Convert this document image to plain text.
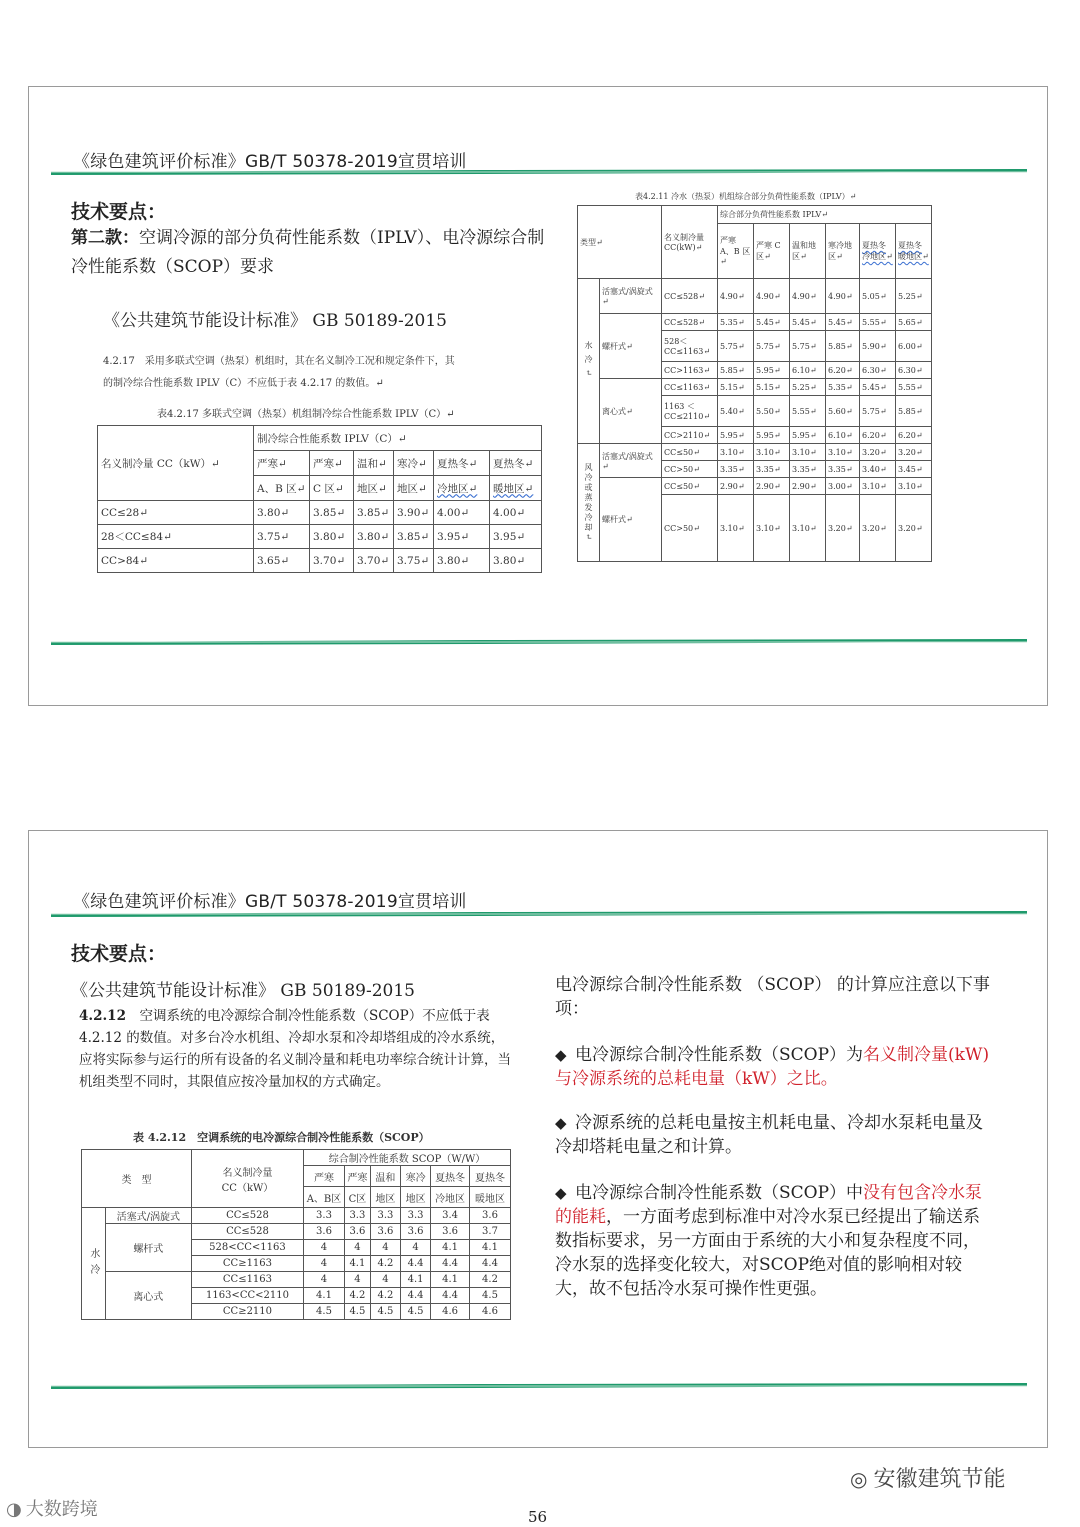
《绿色建筑评价标准》GB/T 50378-2019宣贯培训
技术要点：
第二款：空调冷源的部分负荷性能系数（IPLV）、电冷源综合制冷性能系数（SCOP）要求
《公共建筑节能设计标准》 GB 50189-2015
4.2.17　采用多联式空调（热泵）机组时，其在名义制冷工况和规定条件下，其
的制冷综合性能系数 IPLV（C）不应低于表 4.2.17 的数值。↵
表4.2.17 多联式空调（热泵）机组制冷综合性能系数 IPLV（C）↵
名义制冷量 CC（kW）↵	制冷综合性能系数 IPLV（C）↵					
	严寒↵	严寒↵	温和↵	寒冷↵	夏热冬↵	夏热冬↵
	A、B 区↵	C 区↵	地区↵	地区↵	冷地区↵	暖地区↵
CC≤28↵	3.80↵	3.85↵	3.85↵	3.90↵	4.00↵	4.00↵
28＜CC≤84↵	3.75↵	3.80↵	3.80↵	3.85↵	3.95↵	3.95↵
CC>84↵	3.65↵	3.70↵	3.70↵	3.75↵	3.80↵	3.80↵
表4.2.11 冷水（热泵）机组综合部分负荷性能系数（IPLV）↵
类型↵		名义制冷量 CC(kW)↵	综合部分负荷性能系数 IPLV↵					
			严寒 A、B 区↵	严寒 C 区↵	温和地区↵	寒冷地区↵	夏热冬冷地区↵	夏热冬暖地区↵
水冷↵	活塞式/涡旋式↵	CC≤528↵	4.90↵	4.90↵	4.90↵	4.90↵	5.05↵	5.25↵
	螺杆式↵	CC≤528↵	5.35↵	5.45↵	5.45↵	5.45↵	5.55↵	5.65↵
		528＜CC≤1163↵	5.75↵	5.75↵	5.75↵	5.85↵	5.90↵	6.00↵
		CC>1163↵	5.85↵	5.95↵	6.10↵	6.20↵	6.30↵	6.30↵
	离心式↵	CC≤1163↵	5.15↵	5.15↵	5.25↵	5.35↵	5.45↵	5.55↵
		1163 ＜ CC≤2110↵	5.40↵	5.50↵	5.55↵	5.60↵	5.75↵	5.85↵
		CC>2110↵	5.95↵	5.95↵	5.95↵	6.10↵	6.20↵	6.20↵
风冷或蒸发冷却↵	活塞式/涡旋式↵	CC≤50↵	3.10↵	3.10↵	3.10↵	3.10↵	3.20↵	3.20↵
		CC>50↵	3.35↵	3.35↵	3.35↵	3.35↵	3.40↵	3.45↵
	螺杆式↵	CC≤50↵	2.90↵	2.90↵	2.90↵	3.00↵	3.10↵	3.10↵
		CC>50↵	3.10↵	3.10↵	3.10↵	3.20↵	3.20↵	3.20↵
《绿色建筑评价标准》GB/T 50378-2019宣贯培训
技术要点：
《公共建筑节能设计标准》 GB 50189-2015
4.2.12　 空调系统的电冷源综合制冷性能系数（SCOP）不应低于表 4.2.12 的数值。对多台冷水机组、冷却水泵和冷却塔组成的冷水系统，应将实际参与运行的所有设备的名义制冷量和耗电功率综合统计计算，当机组类型不同时，其限值应按冷量加权的方式确定。
表 4.2.12　空调系统的电冷源综合制冷性能系数（SCOP）
类　型		名义制冷量
CC（kW）	综合制冷性能系数 SCOP（W/W）					
			严寒	严寒	温和	寒冷	夏热冬	夏热冬
			A、B区	C区	地区	地区	冷地区	暖地区
水冷	活塞式/涡旋式	CC≤528	3.3	3.3	3.3	3.3	3.4	3.6
	螺杆式	CC≤528	3.6	3.6	3.6	3.6	3.6	3.7
		528<CC<1163	4	4	4	4	4.1	4.1
		CC≥1163	4	4.1	4.2	4.4	4.4	4.4
	离心式	CC≤1163	4	4	4	4.1	4.1	4.2
		1163<CC<2110	4.1	4.2	4.2	4.4	4.4	4.5
		CC≥2110	4.5	4.5	4.5	4.5	4.6	4.6
电冷源综合制冷性能系数 （SCOP） 的计算应注意以下事项：
◆ 电冷源综合制冷性能系数（SCOP）为名义制冷量(kW) 与冷源系统的总耗电量（kW）之比。
◆ 冷源系统的总耗电量按主机耗电量、冷却水泵耗电量及冷却塔耗电量之和计算。
◆ 电冷源综合制冷性能系数（SCOP）中没有包含冷水泵的能耗，一方面考虑到标准中对冷水泵已经提出了输送系数指标要求，另一方面由于系统的大小和复杂程度不同，冷水泵的选择变化较大，对SCOP绝对值的影响相对较大，故不包括冷水泵可操作性更强。
◎ 安徽建筑节能
◑ 大数跨境	56
